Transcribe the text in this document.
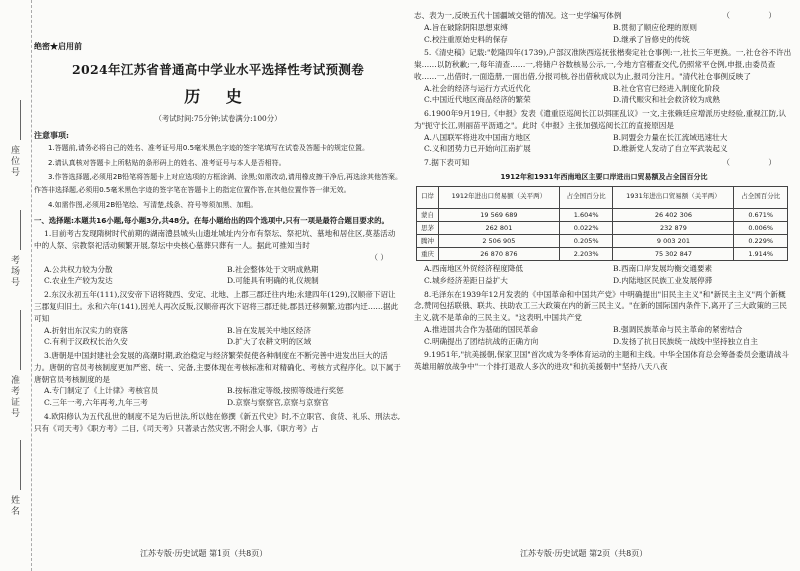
座位号
考场号
准考证号
姓名
绝密★启用前
2024年江苏省普通高中学业水平选择性考试预测卷
历 史
（考试时间:75分钟;试卷满分:100分）
注意事项:
1.答题前,请务必将自己的姓名、准考证号用0.5毫米黑色字迹的签字笔填写在试卷及答题卡的规定位置。
2.请认真核对答题卡上所粘贴的条形码上的姓名、准考证号与本人是否相符。
3.作答选择题,必须用2B铅笔将答题卡上对应选项的方框涂满、涂黑;如需改动,请用橡皮擦干净后,再选涂其他答案。作答非选择题,必须用0.5毫米黑色字迹的签字笔在答题卡上的指定位置作答,在其他位置作答一律无效。
4.如需作图,必须用2B铅笔绘、写清楚,线条、符号等须加黑、加粗。
一、选择题:本题共16小题,每小题3分,共48分。在每小题给出的四个选项中,只有一项是最符合题目要求的。
1.目前考古发现隋树时代前期的湖南澧县城头山遗址城址内分布有祭坛、祭祀坑、墓地和居住区,莫基活动中的人祭、宗教祭祀活动频繁开展,祭坛中央核心墓葬只葬有一人。据此可推知当时
（ ）
A.公共权力较为分散	B.社会整体处于文明成熟期
C.农业生产较为发达	D.可能具有明确的礼仪规制
2.东汉永初五年(111),汉安帝下诏将陇西、安定、北地、上郡三郡迁往内地;永建四年(129),汉顺帝下诏让三郡复归旧土。永和六年(141),因羌人再次反叛,汉顺帝再次下诏将三郡迁徙,郡县迁移频繁,边郡内迁……据此可知
A.折射出东汉实力的衰落	B.旨在发展关中地区经济
C.有利于汉政权长治久安	D.扩大了农耕文明的区域
3.唐朝是中国封建社会发展的高潮时期,政治稳定与经济繁荣促使各种制度在不断完善中进发出巨大的活力。唐朝的官员考核制度更加严密、统一、完备,主要体现在考核标准和对精确化、考核方式程序化。以下属于唐朝官员考核制度的是
A.专门制定了《上计律》考核官员	B.按标准定等级,按照等级进行奖惩
C.三年一考,六年再考,九年三考	D.京察与察察官,京察与京察官
4.欧阳修认为五代乱世的制度不足为后世法,所以他在修撰《新五代史》时,不立职官、食货、礼乐、刑法志,只有《司天考》《职方考》二目,《司天考》只著录古然灾害,不附会人事,《职方考》占
志、表为一,反映五代十国疆域交错的情况。这一史学编写体例	（ ）
A.旨在破除阴阳思想束缚	B.贯彻了顺应伦理的原则
C.校注重原始史料的保存	D.继承了旨修史的传统
5.《清史稿》记载:"乾隆四年(1739),户部汉准陕西巡抚张楷奏定社仓事例:一,社长三年更换。一,社仓谷不许出粜……以防秋歉;一,每年清查……一,将储户谷数核易公示,一,今地方官稽查交代,仍照常平仓例,申报,由委员查收……一,出借时,一面造册,一面出借,分报司核,谷出借秋成以为止,报司分注月。"清代社仓事例反映了
A.社会的经济与运行方式近代化	B.社仓官官已经进入制度化阶段
C.中国近代地区商品经济的繁荣	D.清代赈灾和社会救济较为成熟
6.1900年9月19日,《申报》发表《遣重臣巡阅长江以弭匪乱议》一文,主张赖廷应增派历史经验,重视江防,认为"扼守长江,则丽苗平沥通之"。此时《申报》主张加强巡阅长江的直接原因是
A.八国联军将进攻中国南方地区	B.同盟会力量在长江流域迅速壮大
C.义和团势力已开始向江南扩展	D.维新党人发动了自立军武装起义
7.据下表可知	（ ）
1912年和1931年西南地区主要口岸进出口贸易额及占全国百分比
口岸	1912年进出口贸易额（关平两）	占全国百分比	1931年进出口贸易额（关平两）	占全国百分比
蒙自	19 569 689	1.604%	26 402 306	0.671%
思茅	262 801	0.022%	232 879	0.006%
腾冲	2 506 905	0.205%	9 003 201	0.229%
重庆	26 870 876	2.203%	75 302 847	1.914%
A.西南地区外贸经济程度降低	B.西南口岸发展均衡交通要素
C.城乡经济差距日益扩大	D.内陆地区民族工业发展停滞
8.毛泽东在1939年12月发表的《中国革命和中国共产党》中明确提出"旧民主主义"和"新民主主义"两个新概念,赞同包括联俄、联共、扶助农工三大政策在内的新三民主义。"在新的国际国内条件下,离开了三大政策的三民主义,就不是革命的三民主义。"这表明,中国共产党
A.推进国共合作为基础的国民革命	B.强调民族革命与民主革命的紧密结合
C.明确提出了团结抗战的正确方向	D.发扬了抗日民族统一战线中坚持独立自主
9.1951年,"抗美援朝,保家卫国"首次成为冬季体育运动的主题和主线。中华全国体育总会筹备委员会邀请战斗英雄用解放战争中"一个排打退敌人多次的进攻"和抗美援朝中"坚持八天八夜
江苏专版·历史试题 第1页（共8页）	江苏专版·历史试题 第2页（共8页）
